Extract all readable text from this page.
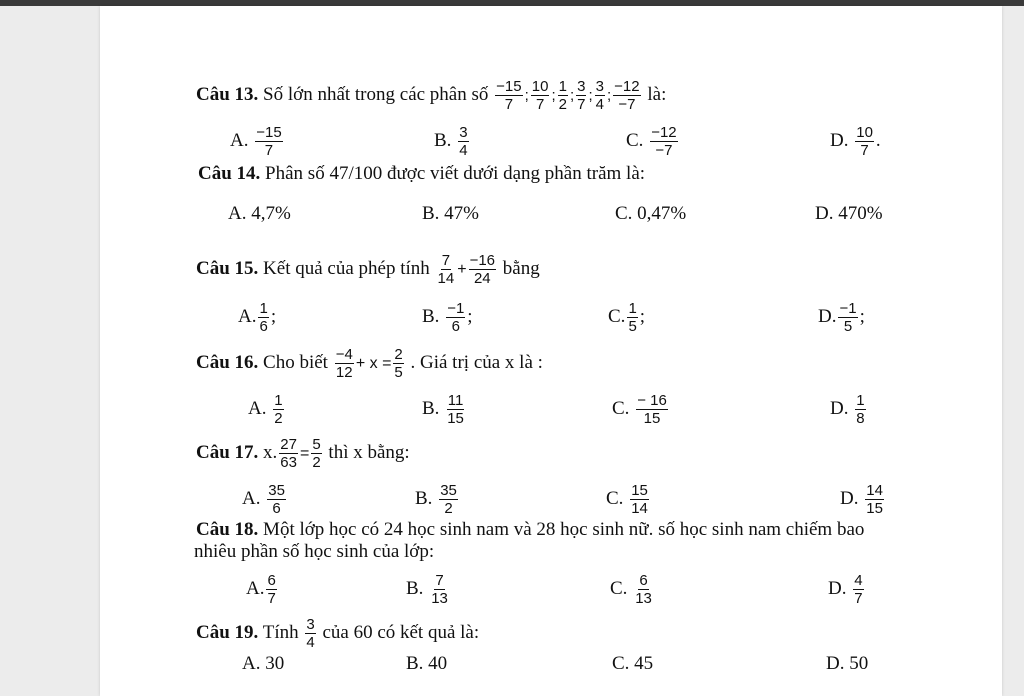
Câu 13. Số lớn nhất trong các phân số $\frac{-15}{7}$ ; $\frac{10}{7}$ ; $\frac{1}{2}$ ; $\frac{3}{7}$ ; $\frac{3}{4}$ ; $\frac{-12}{-7}$ là:
A. $\frac{-15}{7}$	B. $\frac{3}{4}$	C. $\frac{-12}{-7}$	D. $\frac{10}{7}$ .
Câu 14. Phân số 47/100 được viết dưới dạng phần trăm là:
A. 4,7%	B. 47%	C. 0,47%	D. 470%
Câu 15. Kết quả của phép tính $\frac{7}{14} + \frac{-16}{24}$ bằng
A. $\frac{1}{6}$ ;	B. $\frac{-1}{6}$ ;	C. $\frac{1}{5}$ ;	D. $\frac{-1}{5}$ ;
Câu 16. Cho biết $\frac{-4}{12} + x = \frac{2}{5}$ . Giá trị của x là :
A. $\frac{1}{2}$	B. $\frac{11}{15}$	C. $\frac{- 16}{15}$	D. $\frac{1}{8}$
Câu 17. x. $\frac{27}{63} = \frac{5}{2}$ thì x bằng:
A. $\frac{35}{6}$	B. $\frac{35}{2}$	C. $\frac{15}{14}$	D. $\frac{14}{15}$
Câu 18. Một lớp học có 24 học sinh nam và 28 học sinh nữ. số học sinh nam chiếm bao
nhiêu phần số học sinh của lớp:
A. $\frac{6}{7}$	B. $\frac{7}{13}$	C. $\frac{6}{13}$	D. $\frac{4}{7}$
Câu 19. Tính $\frac{3}{4}$ của 60 có kết quả là:
A. 30	B. 40	C. 45	D. 50
